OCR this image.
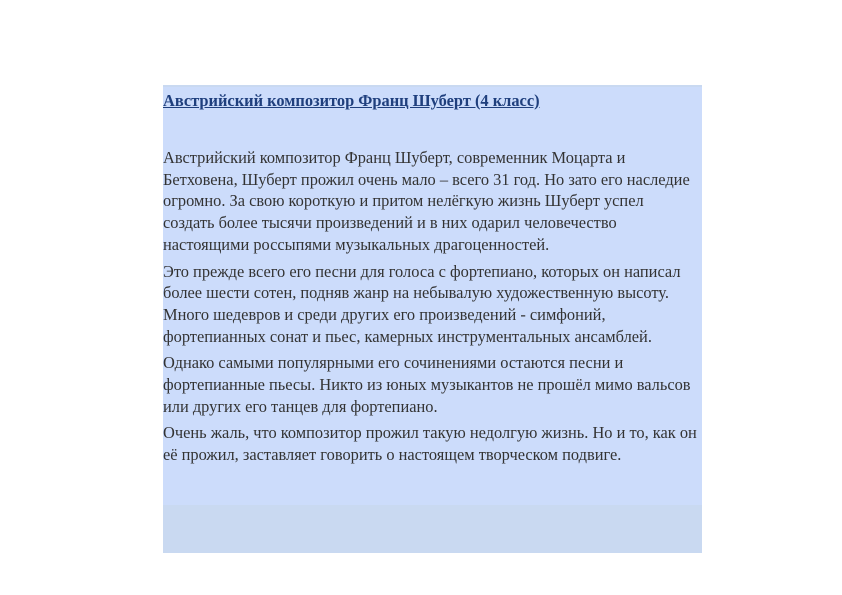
Австрийский композитор Франц Шуберт (4 класс)

Австрийский композитор Франц Шуберт, современник Моцарта и Бетховена, Шуберт прожил очень мало – всего 31 год. Но зато его наследие огромно. За свою короткую и притом нелёгкую жизнь Шуберт успел создать более тысячи произведений и в них одарил человечество настоящими россыпями музыкальных драгоценностей.

Это прежде всего его песни для голоса с фортепиано, которых он написал более шести сотен, подняв жанр на небывалую художественную высоту. Много шедевров и среди других его произведений - симфоний, фортепианных сонат и пьес, камерных инструментальных ансамблей.

Однако самыми популярными его сочинениями остаются песни и фортепианные пьесы. Никто из юных музыкантов не прошёл мимо вальсов или других его танцев для фортепиано.

Очень жаль, что композитор прожил такую недолгую жизнь. Но и то, как он её прожил, заставляет говорить о настоящем творческом подвиге.
